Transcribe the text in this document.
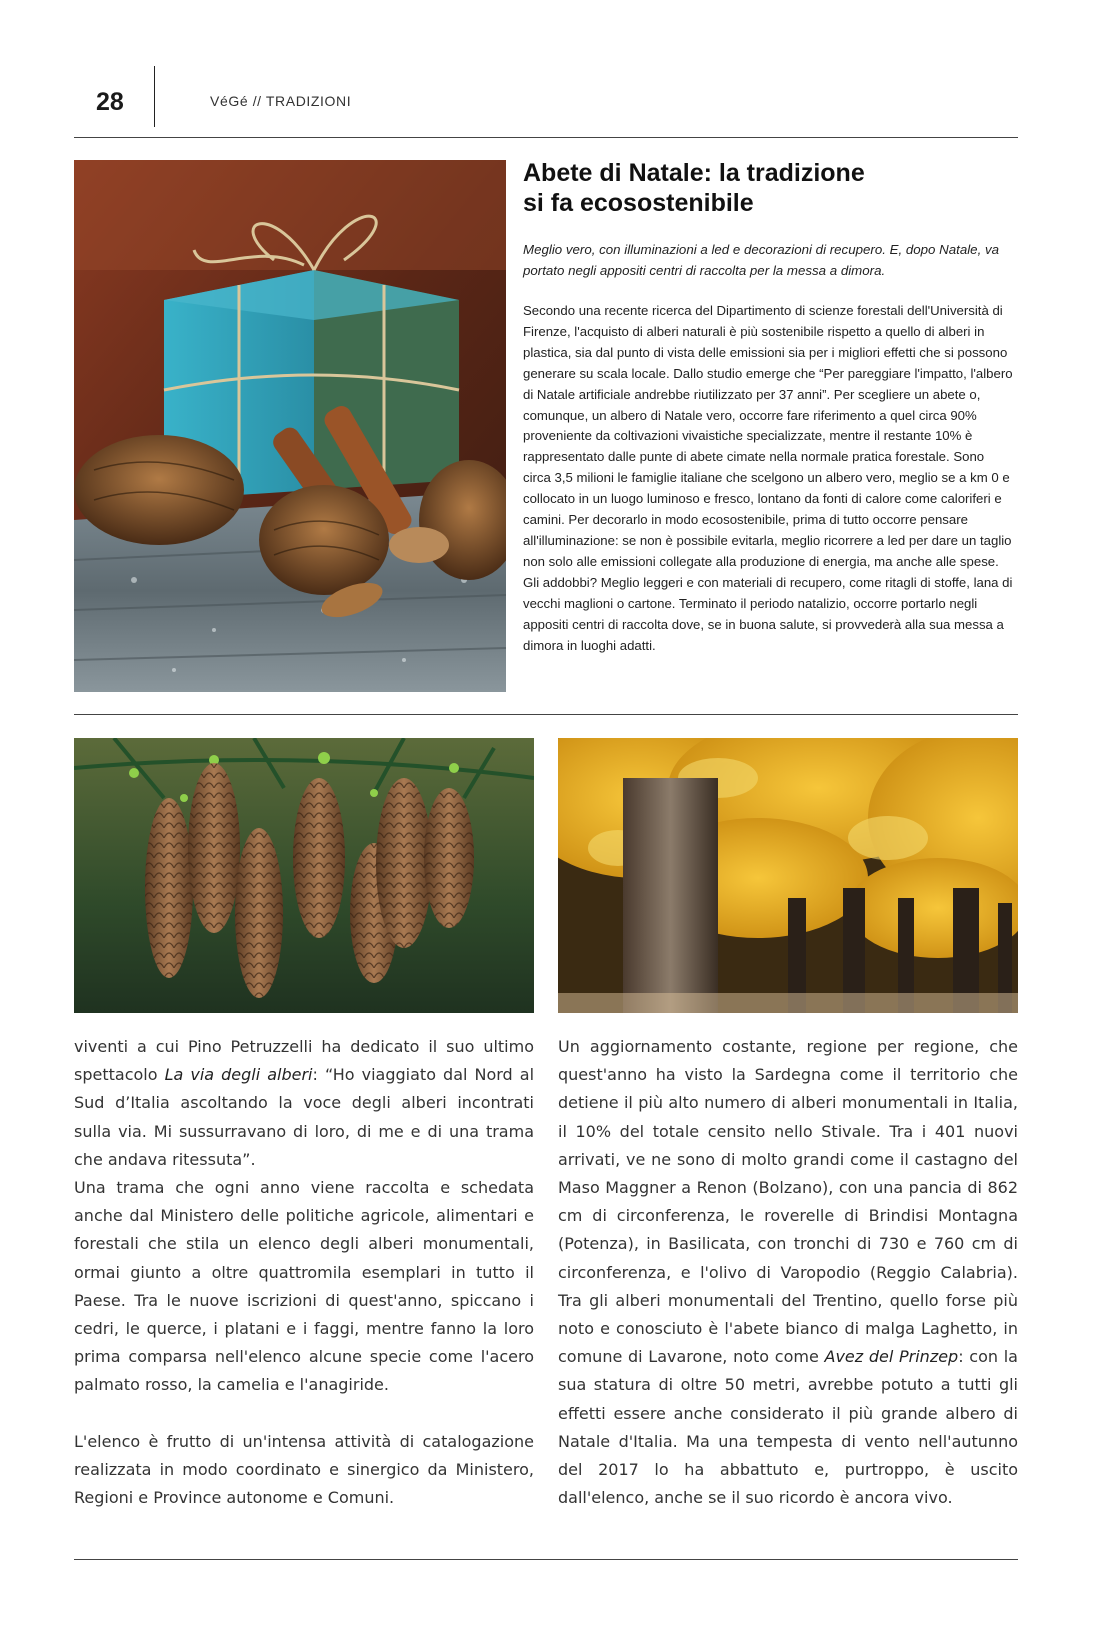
28	VéGé // TRADIZIONI
Abete di Natale: la tradizione
si fa ecosostenibile

Meglio vero, con illuminazioni a led e decorazioni di recupero. E, dopo Natale, va portato negli appositi centri di raccolta per la messa a dimora.

Secondo una recente ricerca del Dipartimento di scienze forestali dell'Università di Firenze, l'acquisto di alberi naturali è più sostenibile rispetto a quello di alberi in plastica, sia dal punto di vista delle emissioni sia per i migliori effetti che si possono generare su scala locale. Dallo studio emerge che “Per pareggiare l'impatto, l'albero di Natale artificiale andrebbe riutilizzato per 37 anni”. Per scegliere un abete o, comunque, un albero di Natale vero, occorre fare riferimento a quel circa 90% proveniente da coltivazioni vivaistiche specializzate, mentre il restante 10% è rappresentato dalle punte di abete cimate nella normale pratica forestale. Sono circa 3,5 milioni le famiglie italiane che scelgono un albero vero, meglio se a km 0 e collocato in un luogo luminoso e fresco, lontano da fonti di calore come caloriferi e camini. Per decorarlo in modo ecosostenibile, prima di tutto occorre pensare all'illuminazione: se non è possibile evitarla, meglio ricorrere a led per dare un taglio non solo alle emissioni collegate alla produzione di energia, ma anche alle spese. Gli addobbi? Meglio leggeri e con materiali di recupero, come ritagli di stoffe, lana di vecchi maglioni o cartone. Terminato il periodo natalizio, occorre portarlo negli appositi centri di raccolta dove, se in buona salute, si provvederà alla sua messa a dimora in luoghi adatti.

viventi a cui Pino Petruzzelli ha dedicato il suo ultimo spettacolo La via degli alberi: “Ho viaggiato dal Nord al Sud d’Italia ascoltando la voce degli alberi incontrati sulla via. Mi sussurravano di loro, di me e di una trama che andava ritessuta”.

Una trama che ogni anno viene raccolta e schedata anche dal Ministero delle politiche agricole, alimentari e forestali che stila un elenco degli alberi monumentali, ormai giunto a oltre quattromila esemplari in tutto il Paese. Tra le nuove iscrizioni di quest'anno, spiccano i cedri, le querce, i platani e i faggi, mentre fanno la loro prima comparsa nell'elenco alcune specie come l'acero palmato rosso, la camelia e l'anagiride.

L'elenco è frutto di un'intensa attività di catalogazione realizzata in modo coordinato e sinergico da Ministero, Regioni e Province autonome e Comuni.

Un aggiornamento costante, regione per regione, che quest'anno ha visto la Sardegna come il territorio che detiene il più alto numero di alberi monumentali in Italia, il 10% del totale censito nello Stivale. Tra i 401 nuovi arrivati, ve ne sono di molto grandi come il castagno del Maso Maggner a Renon (Bolzano), con una pancia di 862 cm di circonferenza, le roverelle di Brindisi Montagna (Potenza), in Basilicata, con tronchi di 730 e 760 cm di circonferenza, e l'olivo di Varopodio (Reggio Calabria). Tra gli alberi monumentali del Trentino, quello forse più noto e conosciuto è l'abete bianco di malga Laghetto, in comune di Lavarone, noto come Avez del Prinzep: con la sua statura di oltre 50 metri, avrebbe potuto a tutti gli effetti essere anche considerato il più grande albero di Natale d'Italia. Ma una tempesta di vento nell'autunno del 2017 lo ha abbattuto e, purtroppo, è uscito dall'elenco, anche se il suo ricordo è ancora vivo.
